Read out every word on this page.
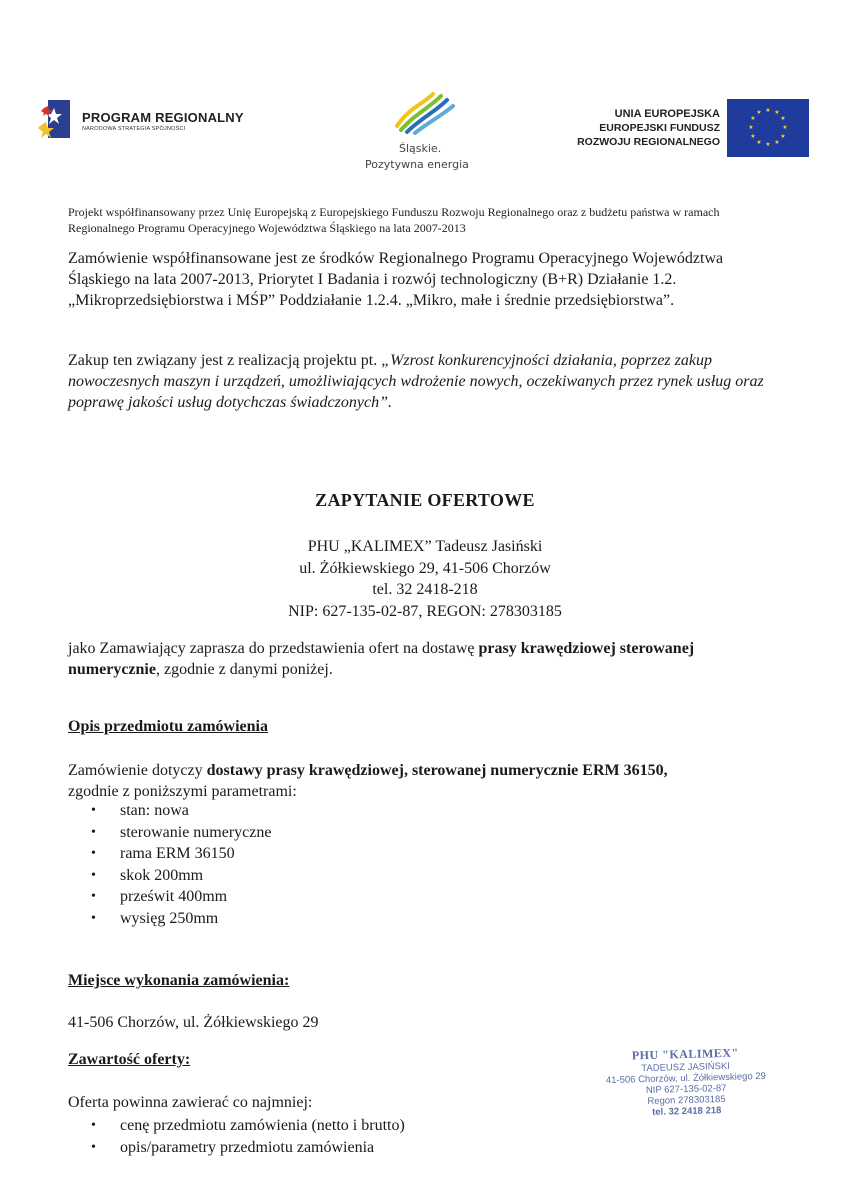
PROGRAM REGIONALNY
NARODOWA STRATEGIA SPÓJNOŚCI
Śląskie.
Pozytywna energia
UNIA EUROPEJSKA
EUROPEJSKI FUNDUSZ
ROZWOJU REGIONALNEGO
★ ★
★
★
★
★
★
★
★
★
★
★
Projekt współfinansowany przez Unię Europejską z Europejskiego Funduszu Rozwoju Regionalnego oraz z budżetu państwa w ramach Regionalnego Programu Operacyjnego Województwa Śląskiego na lata 2007-2013
Zamówienie współfinansowane jest ze środków Regionalnego Programu Operacyjnego Województwa Śląskiego na lata 2007-2013, Priorytet I Badania i rozwój technologiczny (B+R) Działanie 1.2. „Mikroprzedsiębiorstwa i MŚP” Poddziałanie 1.2.4. „Mikro, małe i średnie przedsiębiorstwa”.
Zakup ten związany jest z realizacją projektu pt. „Wzrost konkurencyjności działania, poprzez zakup nowoczesnych maszyn i urządzeń, umożliwiających wdrożenie nowych, oczekiwanych przez rynek usług oraz poprawę jakości usług dotychczas świadczonych”.
ZAPYTANIE OFERTOWE
PHU „KALIMEX” Tadeusz Jasiński
ul. Żółkiewskiego 29, 41-506 Chorzów
tel. 32 2418-218
NIP: 627-135-02-87, REGON: 278303185
jako Zamawiający zaprasza do przedstawienia ofert na dostawę prasy krawędziowej sterowanej numerycznie, zgodnie z danymi poniżej.
Opis przedmiotu zamówienia
Zamówienie dotyczy dostawy prasy krawędziowej, sterowanej numerycznie ERM 36150,
zgodnie z poniższymi parametrami:
• stan: nowa
• sterowanie numeryczne
• rama ERM 36150
• skok 200mm
• prześwit 400mm
• wysięg 250mm
Miejsce wykonania zamówienia:
41-506 Chorzów, ul. Żółkiewskiego 29
Zawartość oferty:
Oferta powinna zawierać co najmniej:
• cenę przedmiotu zamówienia (netto i brutto)
• opis/parametry przedmiotu zamówienia
PHU "KALIMEX"
TADEUSZ JASIŃSKI
41-506 Chorzów, ul. Żółkiewskiego 29
NIP 627-135-02-87
Regon 278303185
tel. 32 2418 218
